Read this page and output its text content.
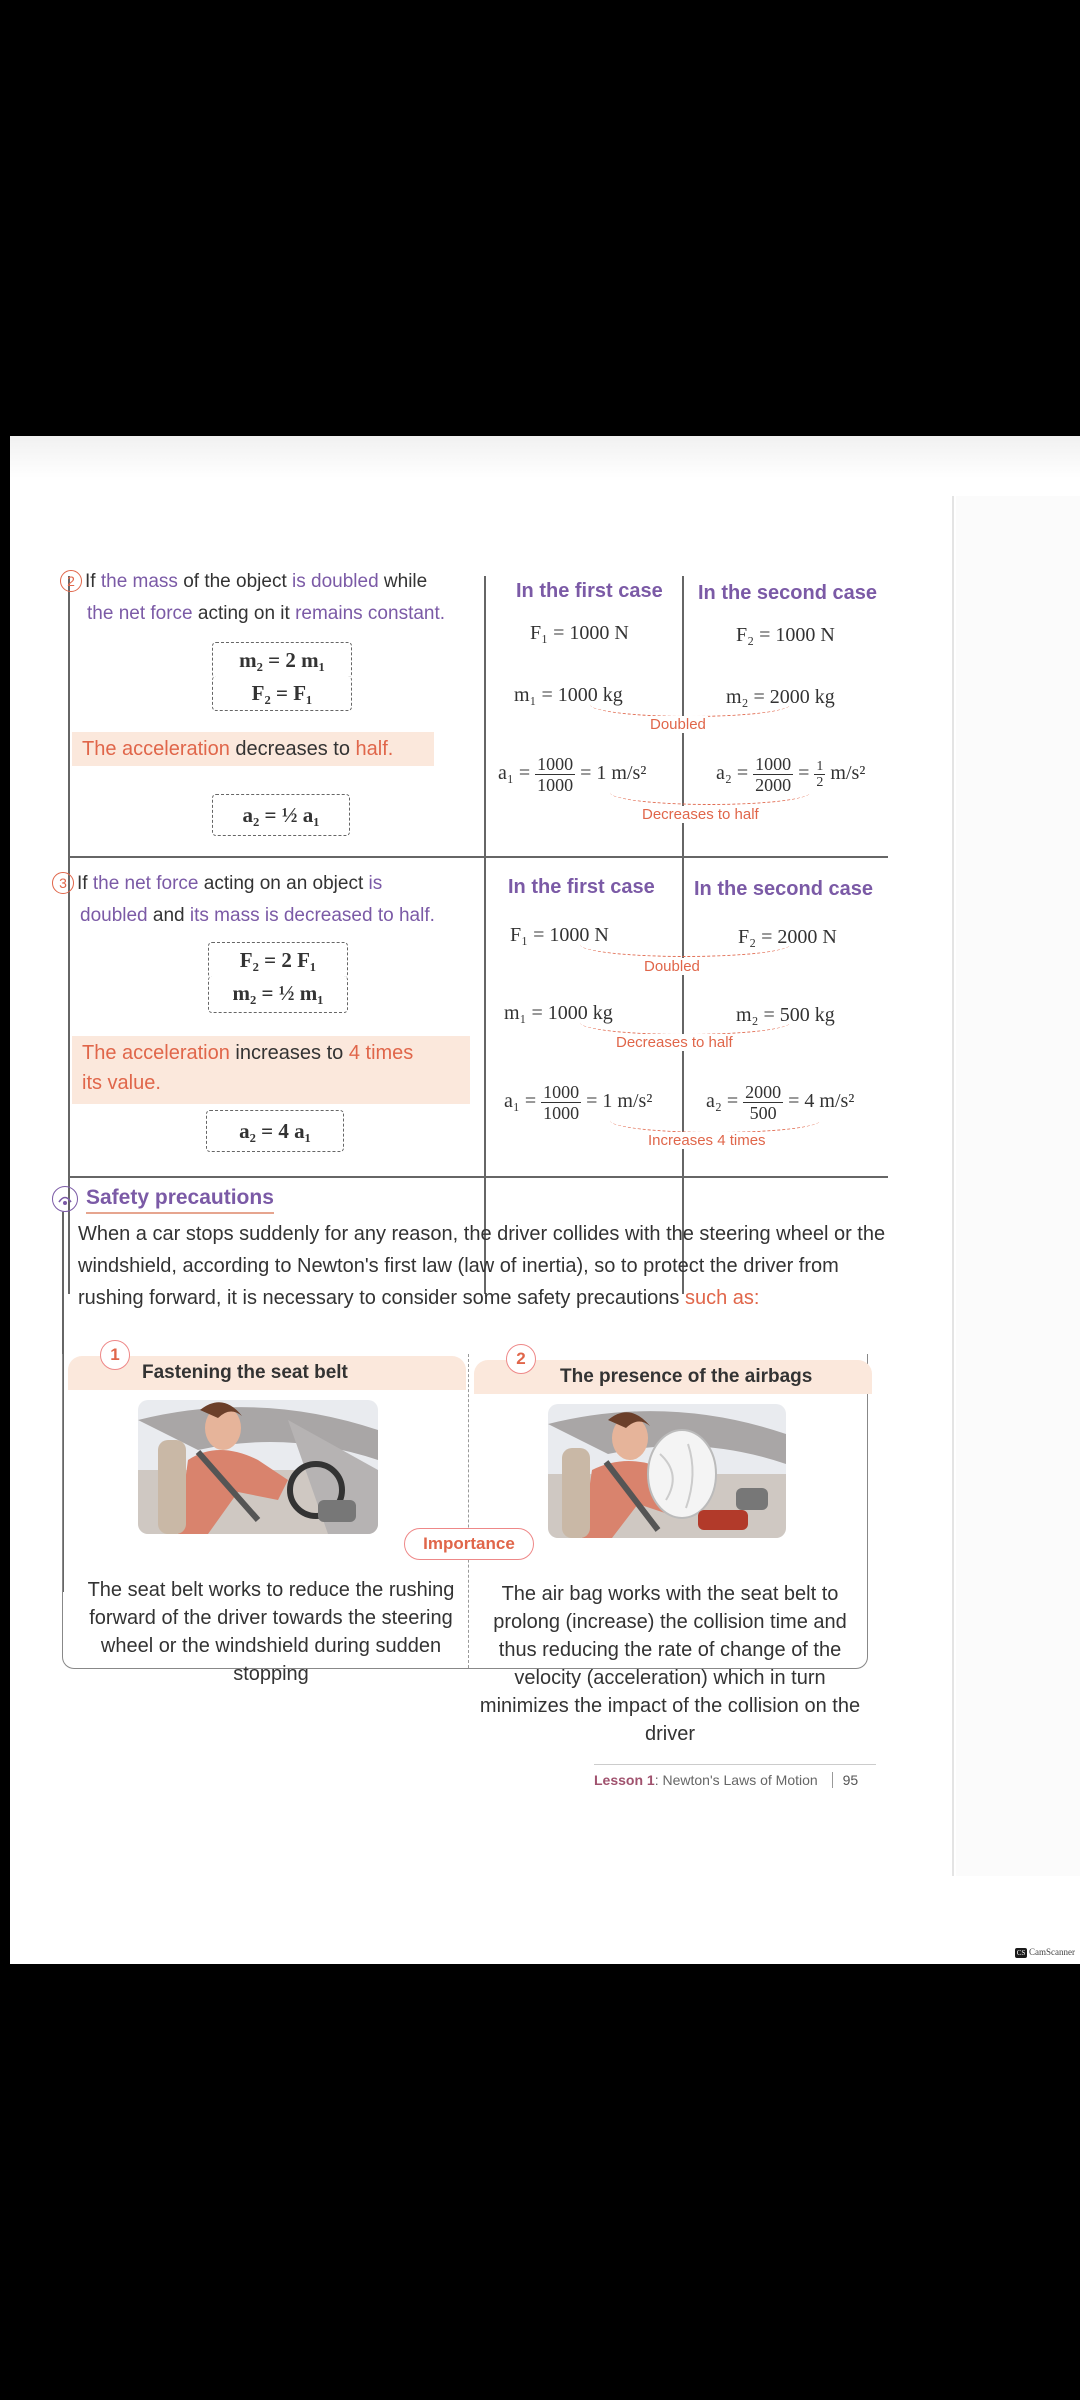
2 If the mass of the object is doubled while
the net force acting on it remains constant.
m₂ = 2 m₁
F₂ = F₁
The acceleration decreases to half.
a₂ = ½ a₁
In the first case In the second case
F₁ = 1000 N	F₂ = 1000 N
m₁ = 1000 kg	m₂ = 2000 kg
Doubled
$a_1 = \frac{1000}{1000} = 1$ m/s²	$a_2 = \frac{1000}{2000} = \frac{1}{2} m/s^2$
Decreases to half
3 If the net force acting on an object is
doubled and its mass is decreased to half.
F₂ = 2 F₁
m₂ = ½ m₁
The acceleration increases to 4 times
its value.
a₂ = 4 a₁
In the first case In the second case
F₁ = 1000 N	F₂ = 2000 N
Doubled
m₁ = 1000 kg	m₂ = 500 kg
Decreases to half
$a_1 = \frac{1000}{1000} = 1$ m/s²	$a_2 = \frac{2000}{500} = 4$ m/s²
Increases 4 times
Safety precautions
When a car stops suddenly for any reason, the driver collides with the steering wheel or the windshield, according to Newton's first law (law of inertia), so to protect the driver from rushing forward, it is necessary to consider some safety precautions such as:
1	2
Fastening the seat belt	The presence of the airbags
Importance
The seat belt works to reduce the rushing forward of the driver towards the steering wheel or the windshield during sudden stopping
The air bag works with the seat belt to prolong (increase) the collision time and thus reducing the rate of change of the velocity (acceleration) which in turn minimizes the impact of the collision on the driver
Lesson 1: Newton's Laws of Motion 95
CS CamScanner
